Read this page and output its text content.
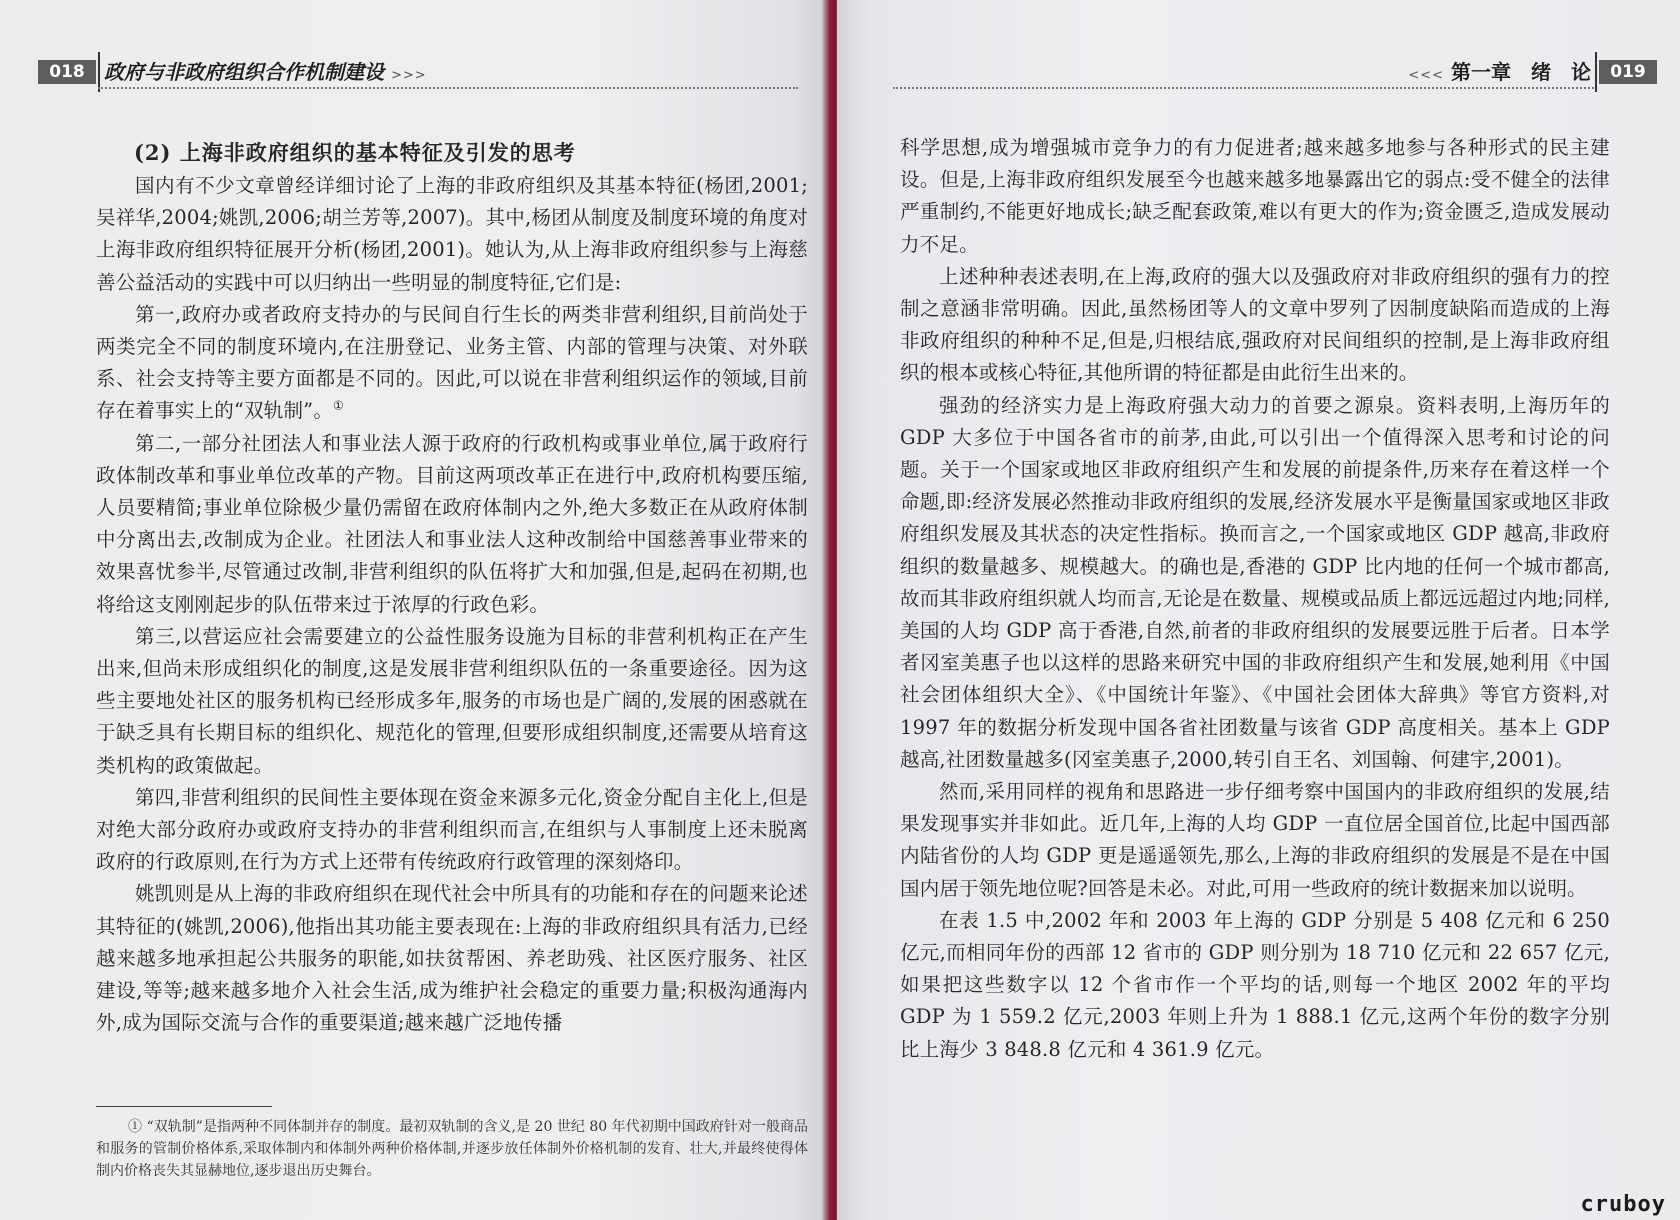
018 政府与非政府组织合作机制建设 >>>

(2) 上海非政府组织的基本特征及引发的思考

国内有不少文章曾经详细讨论了上海的非政府组织及其基本特征(杨团,2001;吴祥华,2004;姚凯,2006;胡兰芳等,2007)。其中,杨团从制度及制度环境的角度对上海非政府组织特征展开分析(杨团,2001)。她认为,从上海非政府组织参与上海慈善公益活动的实践中可以归纳出一些明显的制度特征,它们是:

第一,政府办或者政府支持办的与民间自行生长的两类非营利组织,目前尚处于两类完全不同的制度环境内,在注册登记、业务主管、内部的管理与决策、对外联系、社会支持等主要方面都是不同的。因此,可以说在非营利组织运作的领域,目前存在着事实上的“双轨制”。①

第二,一部分社团法人和事业法人源于政府的行政机构或事业单位,属于政府行政体制改革和事业单位改革的产物。目前这两项改革正在进行中,政府机构要压缩,人员要精简;事业单位除极少量仍需留在政府体制内之外,绝大多数正在从政府体制中分离出去,改制成为企业。社团法人和事业法人这种改制给中国慈善事业带来的效果喜忧参半,尽管通过改制,非营利组织的队伍将扩大和加强,但是,起码在初期,也将给这支刚刚起步的队伍带来过于浓厚的行政色彩。

第三,以营运应社会需要建立的公益性服务设施为目标的非营利机构正在产生出来,但尚未形成组织化的制度,这是发展非营利组织队伍的一条重要途径。因为这些主要地处社区的服务机构已经形成多年,服务的市场也是广阔的,发展的困惑就在于缺乏具有长期目标的组织化、规范化的管理,但要形成组织制度,还需要从培育这类机构的政策做起。

第四,非营利组织的民间性主要体现在资金来源多元化,资金分配自主化上,但是对绝大部分政府办或政府支持办的非营利组织而言,在组织与人事制度上还未脱离政府的行政原则,在行为方式上还带有传统政府行政管理的深刻烙印。

姚凯则是从上海的非政府组织在现代社会中所具有的功能和存在的问题来论述其特征的(姚凯,2006),他指出其功能主要表现在:上海的非政府组织具有活力,已经越来越多地承担起公共服务的职能,如扶贫帮困、养老助残、社区医疗服务、社区建设,等等;越来越多地介入社会生活,成为维护社会稳定的重要力量;积极沟通海内外,成为国际交流与合作的重要渠道;越来越广泛地传播

① “双轨制”是指两种不同体制并存的制度。最初双轨制的含义,是 20 世纪 80 年代初期中国政府针对一般商品和服务的管制价格体系,采取体制内和体制外两种价格体制,并逐步放任体制外价格机制的发育、壮大,并最终使得体制内价格丧失其显赫地位,逐步退出历史舞台。
<<< 第一章　绪　论	019

科学思想,成为增强城市竞争力的有力促进者;越来越多地参与各种形式的民主建设。但是,上海非政府组织发展至今也越来越多地暴露出它的弱点:受不健全的法律严重制约,不能更好地成长;缺乏配套政策,难以有更大的作为;资金匮乏,造成发展动力不足。

上述种种表述表明,在上海,政府的强大以及强政府对非政府组织的强有力的控制之意涵非常明确。因此,虽然杨团等人的文章中罗列了因制度缺陷而造成的上海非政府组织的种种不足,但是,归根结底,强政府对民间组织的控制,是上海非政府组织的根本或核心特征,其他所谓的特征都是由此衍生出来的。

强劲的经济实力是上海政府强大动力的首要之源泉。资料表明,上海历年的 GDP 大多位于中国各省市的前茅,由此,可以引出一个值得深入思考和讨论的问题。关于一个国家或地区非政府组织产生和发展的前提条件,历来存在着这样一个命题,即:经济发展必然推动非政府组织的发展,经济发展水平是衡量国家或地区非政府组织发展及其状态的决定性指标。换而言之,一个国家或地区 GDP 越高,非政府组织的数量越多、规模越大。的确也是,香港的 GDP 比内地的任何一个城市都高,故而其非政府组织就人均而言,无论是在数量、规模或品质上都远远超过内地;同样,美国的人均 GDP 高于香港,自然,前者的非政府组织的发展要远胜于后者。日本学者冈室美惠子也以这样的思路来研究中国的非政府组织产生和发展,她利用《中国社会团体组织大全》、《中国统计年鉴》、《中国社会团体大辞典》等官方资料,对 1997 年的数据分析发现中国各省社团数量与该省 GDP 高度相关。基本上 GDP 越高,社团数量越多(冈室美惠子,2000,转引自王名、刘国翰、何建宇,2001)。

然而,采用同样的视角和思路进一步仔细考察中国国内的非政府组织的发展,结果发现事实并非如此。近几年,上海的人均 GDP 一直位居全国首位,比起中国西部内陆省份的人均 GDP 更是遥遥领先,那么,上海的非政府组织的发展是不是在中国国内居于领先地位呢?回答是未必。对此,可用一些政府的统计数据来加以说明。

在表 1.5 中,2002 年和 2003 年上海的 GDP 分别是 5 408 亿元和 6 250 亿元,而相同年份的西部 12 省市的 GDP 则分别为 18 710 亿元和 22 657 亿元,如果把这些数字以 12 个省市作一个平均的话,则每一个地区 2002 年的平均 GDP 为 1 559.2 亿元,2003 年则上升为 1 888.1 亿元,这两个年份的数字分别比上海少 3 848.8 亿元和 4 361.9 亿元。

cruboy
